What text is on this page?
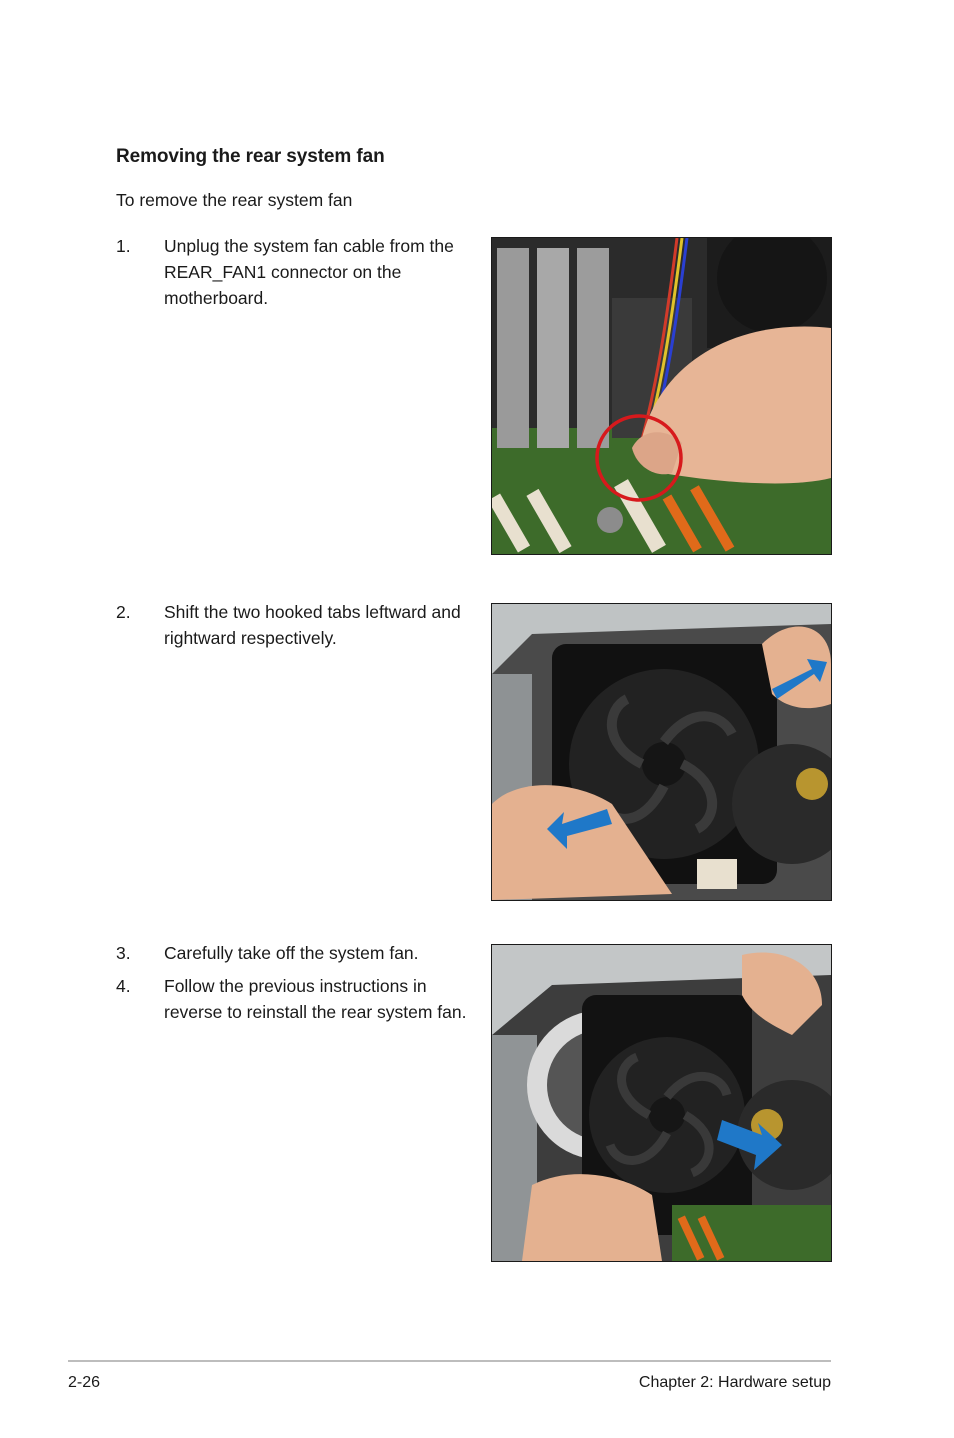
Removing the rear system fan
To remove the rear system fan
1. Unplug the system fan cable from the REAR_FAN1 connector on the motherboard.
2. Shift the two hooked tabs leftward and rightward respectively.
3. Carefully take off the system fan.
4. Follow the previous instructions in reverse to reinstall the rear system fan.
2-26	Chapter 2: Hardware setup
